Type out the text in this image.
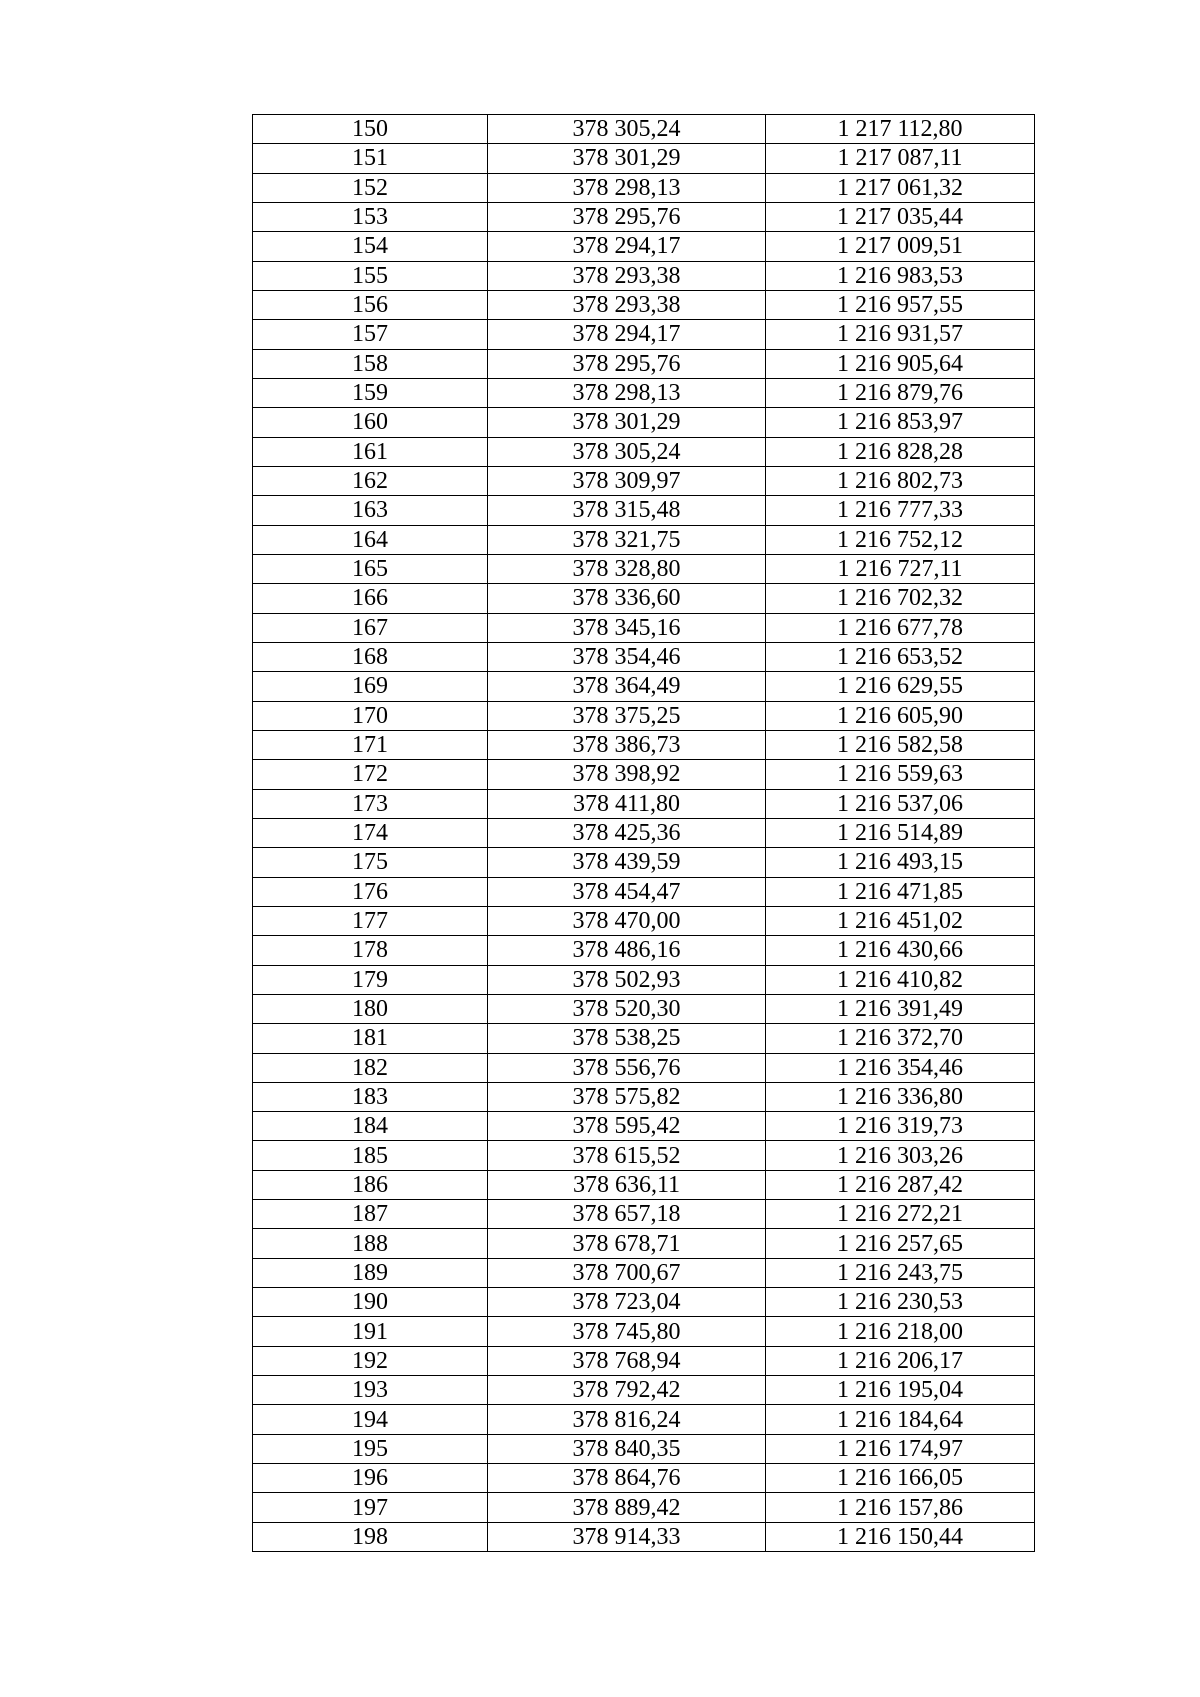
150	378 305,24	1 217 112,80
151	378 301,29	1 217 087,11
152	378 298,13	1 217 061,32
153	378 295,76	1 217 035,44
154	378 294,17	1 217 009,51
155	378 293,38	1 216 983,53
156	378 293,38	1 216 957,55
157	378 294,17	1 216 931,57
158	378 295,76	1 216 905,64
159	378 298,13	1 216 879,76
160	378 301,29	1 216 853,97
161	378 305,24	1 216 828,28
162	378 309,97	1 216 802,73
163	378 315,48	1 216 777,33
164	378 321,75	1 216 752,12
165	378 328,80	1 216 727,11
166	378 336,60	1 216 702,32
167	378 345,16	1 216 677,78
168	378 354,46	1 216 653,52
169	378 364,49	1 216 629,55
170	378 375,25	1 216 605,90
171	378 386,73	1 216 582,58
172	378 398,92	1 216 559,63
173	378 411,80	1 216 537,06
174	378 425,36	1 216 514,89
175	378 439,59	1 216 493,15
176	378 454,47	1 216 471,85
177	378 470,00	1 216 451,02
178	378 486,16	1 216 430,66
179	378 502,93	1 216 410,82
180	378 520,30	1 216 391,49
181	378 538,25	1 216 372,70
182	378 556,76	1 216 354,46
183	378 575,82	1 216 336,80
184	378 595,42	1 216 319,73
185	378 615,52	1 216 303,26
186	378 636,11	1 216 287,42
187	378 657,18	1 216 272,21
188	378 678,71	1 216 257,65
189	378 700,67	1 216 243,75
190	378 723,04	1 216 230,53
191	378 745,80	1 216 218,00
192	378 768,94	1 216 206,17
193	378 792,42	1 216 195,04
194	378 816,24	1 216 184,64
195	378 840,35	1 216 174,97
196	378 864,76	1 216 166,05
197	378 889,42	1 216 157,86
198	378 914,33	1 216 150,44
